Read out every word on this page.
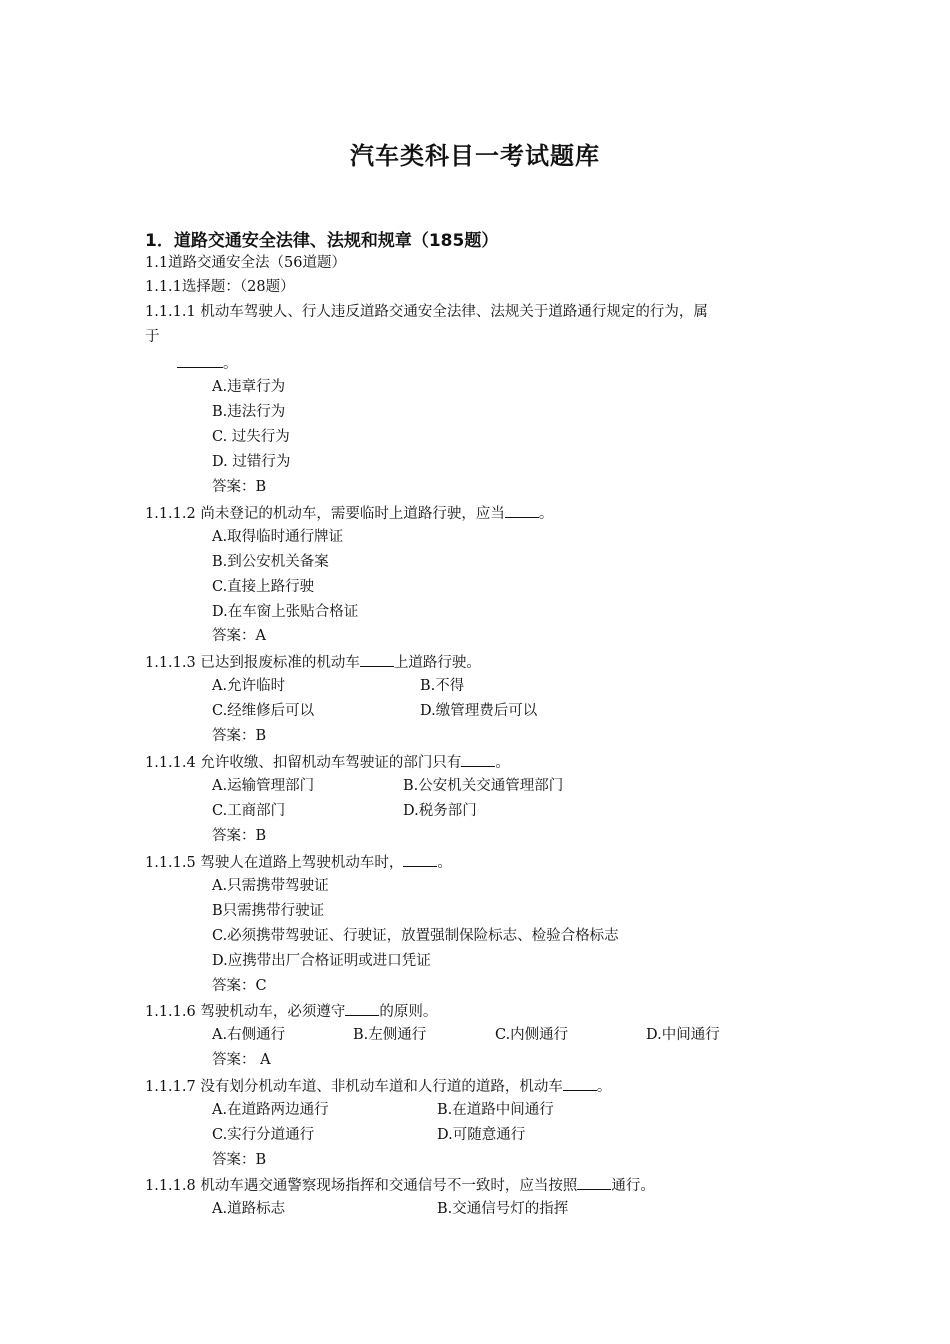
汽车类科目一考试题库
1．道路交通安全法律、法规和规章（185题）
1.1道路交通安全法（56道题）
1.1.1选择题：（28题）
1.1.1.1 机动车驾驶人、行人违反道路交通安全法律、法规关于道路通行规定的行为，属
于
。
A.违章行为
B.违法行为
C. 过失行为
D. 过错行为
答案：B
1.1.1.2 尚未登记的机动车，需要临时上道路行驶，应当 。
A.取得临时通行牌证
B.到公安机关备案
C.直接上路行驶
D.在车窗上张贴合格证
答案：A
1.1.1.3 已达到报废标准的机动车 上道路行驶。
A.允许临时	B.不得
C.经维修后可以	D.缴管理费后可以
答案：B
1.1.1.4 允许收缴、扣留机动车驾驶证的部门只有 。
A.运输管理部门	B.公安机关交通管理部门
C.工商部门	D.税务部门
答案：B
1.1.1.5 驾驶人在道路上驾驶机动车时， 。
A.只需携带驾驶证
B只需携带行驶证
C.必须携带驾驶证、行驶证，放置强制保险标志、检验合格标志
D.应携带出厂合格证明或进口凭证
答案：C
1.1.1.6 驾驶机动车，必须遵守 的原则。
A.右侧通行	B.左侧通行	C.内侧通行	D.中间通行
答案： A
1.1.1.7 没有划分机动车道、非机动车道和人行道的道路，机动车 。
A.在道路两边通行	B.在道路中间通行
C.实行分道通行	D.可随意通行
答案：B
1.1.1.8 机动车遇交通警察现场指挥和交通信号不一致时，应当按照 通行。
A.道路标志	B.交通信号灯的指挥
